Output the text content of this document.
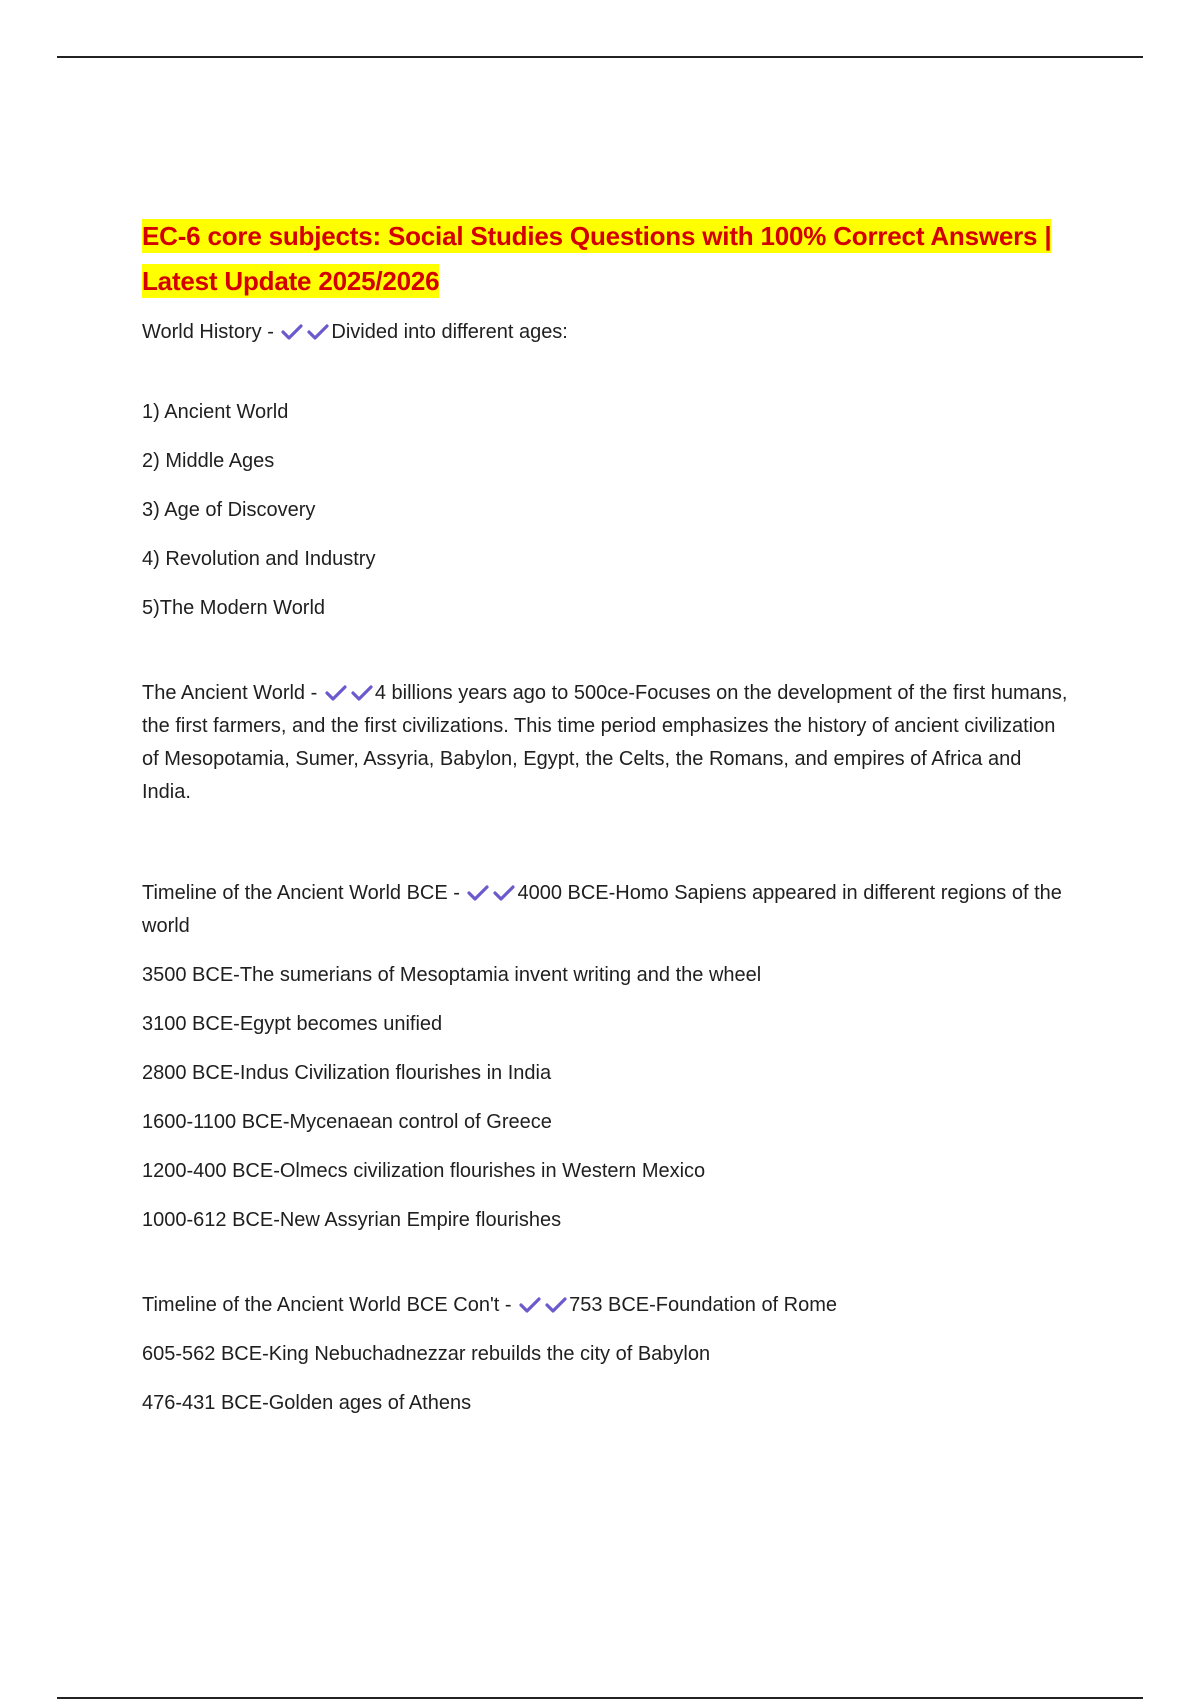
EC-6 core subjects: Social Studies Questions with 100% Correct Answers | Latest Update 2025/2026

World History -	Divided into different ages:

1) Ancient World

2) Middle Ages

3) Age of Discovery

4) Revolution and Industry

5)The Modern World

The Ancient World -	4 billions years ago to 500ce-Focuses on the development of the first humans, the first farmers, and the first civilizations. This time period emphasizes the history of ancient civilization of Mesopotamia, Sumer, Assyria, Babylon, Egypt, the Celts, the Romans, and empires of Africa and India.

Timeline of the Ancient World BCE -	4000 BCE-Homo Sapiens appeared in different regions of the world

3500 BCE-The sumerians of Mesoptamia invent writing and the wheel

3100 BCE-Egypt becomes unified

2800 BCE-Indus Civilization flourishes in India

1600-1100 BCE-Mycenaean control of Greece

1200-400 BCE-Olmecs civilization flourishes in Western Mexico

1000-612 BCE-New Assyrian Empire flourishes

Timeline of the Ancient World BCE Con't -	753 BCE-Foundation of Rome

605-562 BCE-King Nebuchadnezzar rebuilds the city of Babylon

476-431 BCE-Golden ages of Athens
